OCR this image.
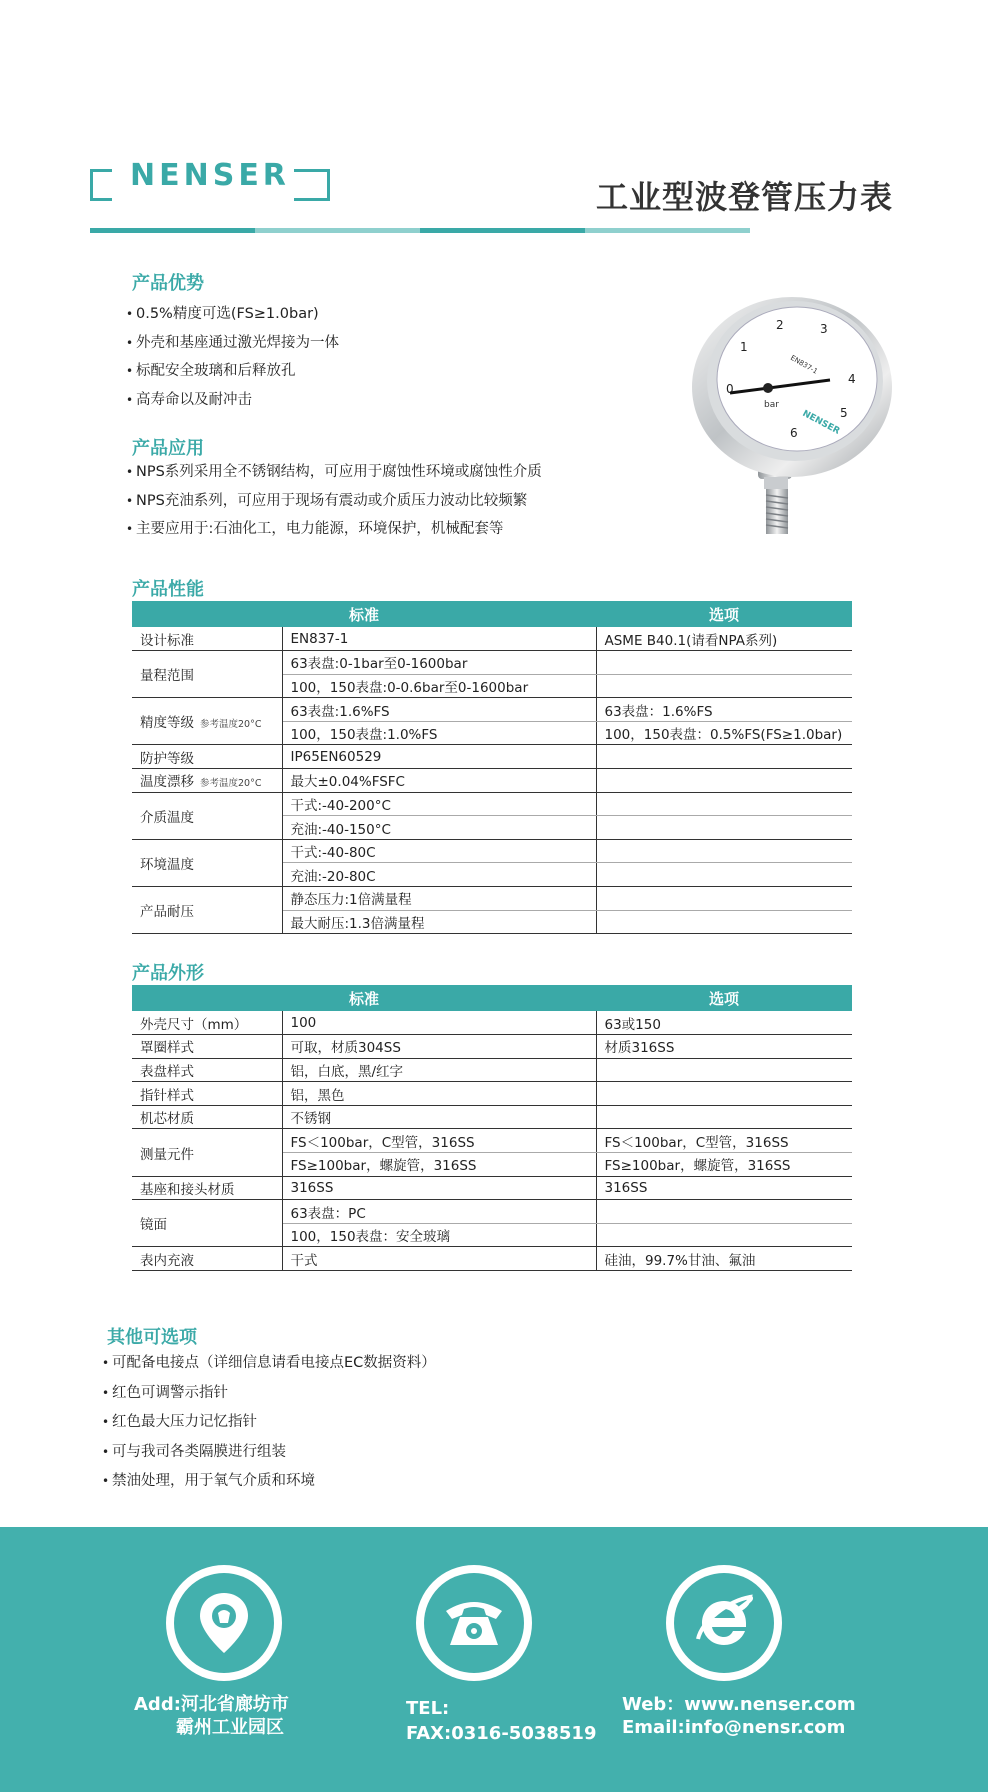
NENSER
工业型波登管压力表
产品优势
• 0.5%精度可选(FS≥1.0bar)
• 外壳和基座通过激光焊接为一体
• 标配安全玻璃和后释放孔
• 高寿命以及耐冲击
产品应用
• NPS系列采用全不锈钢结构，可应用于腐蚀性环境或腐蚀性介质
• NPS充油系列，可应用于现场有震动或介质压力波动比较频繁
• 主要应用于:石油化工，电力能源，环境保护，机械配套等
0
1
2	3
4
5
6
EN837-1
bar
NENSER
产品性能
标准		选项
设计标准	EN837-1	ASME B40.1(请看NPA系列)
量程范围	63表盘:0-1bar至0-1600bar	
	100，150表盘:0-0.6bar至0-1600bar	
精度等级 参考温度20°C	63表盘:1.6%FS	63表盘：1.6%FS
	100，150表盘:1.0%FS	100，150表盘：0.5%FS(FS≥1.0bar)
防护等级	IP65EN60529	
温度漂移 参考温度20°C	最大±0.04%FSFC	
介质温度	干式:-40-200°C	
	充油:-40-150°C	
环境温度	干式:-40-80C	
	充油:-20-80C	
产品耐压	静态压力:1倍满量程	
	最大耐压:1.3倍满量程	
产品外形
标准		选项
外壳尺寸（mm）	100	63或150
罩圈样式	可取，材质304SS	材质316SS
表盘样式	铝，白底，黑/红字	
指针样式	铝，黑色	
机芯材质	不锈钢	
测量元件	FS＜100bar，C型管，316SS	FS＜100bar，C型管，316SS
	FS≥100bar，螺旋管，316SS	FS≥100bar，螺旋管，316SS
基座和接头材质	316SS	316SS
镜面	63表盘：PC	
	100，150表盘：安全玻璃	
表内充液	干式	硅油，99.7%甘油、氟油
其他可选项
• 可配备电接点（详细信息请看电接点EC数据资料）
• 红色可调警示指针
• 红色最大压力记忆指针
• 可与我司各类隔膜进行组装
• 禁油处理，用于氧气介质和环境
Add:河北省廊坊市
霸州工业园区
TEL:
FAX:0316-5038519
Web：www.nenser.com
Email:info@nensr.com
